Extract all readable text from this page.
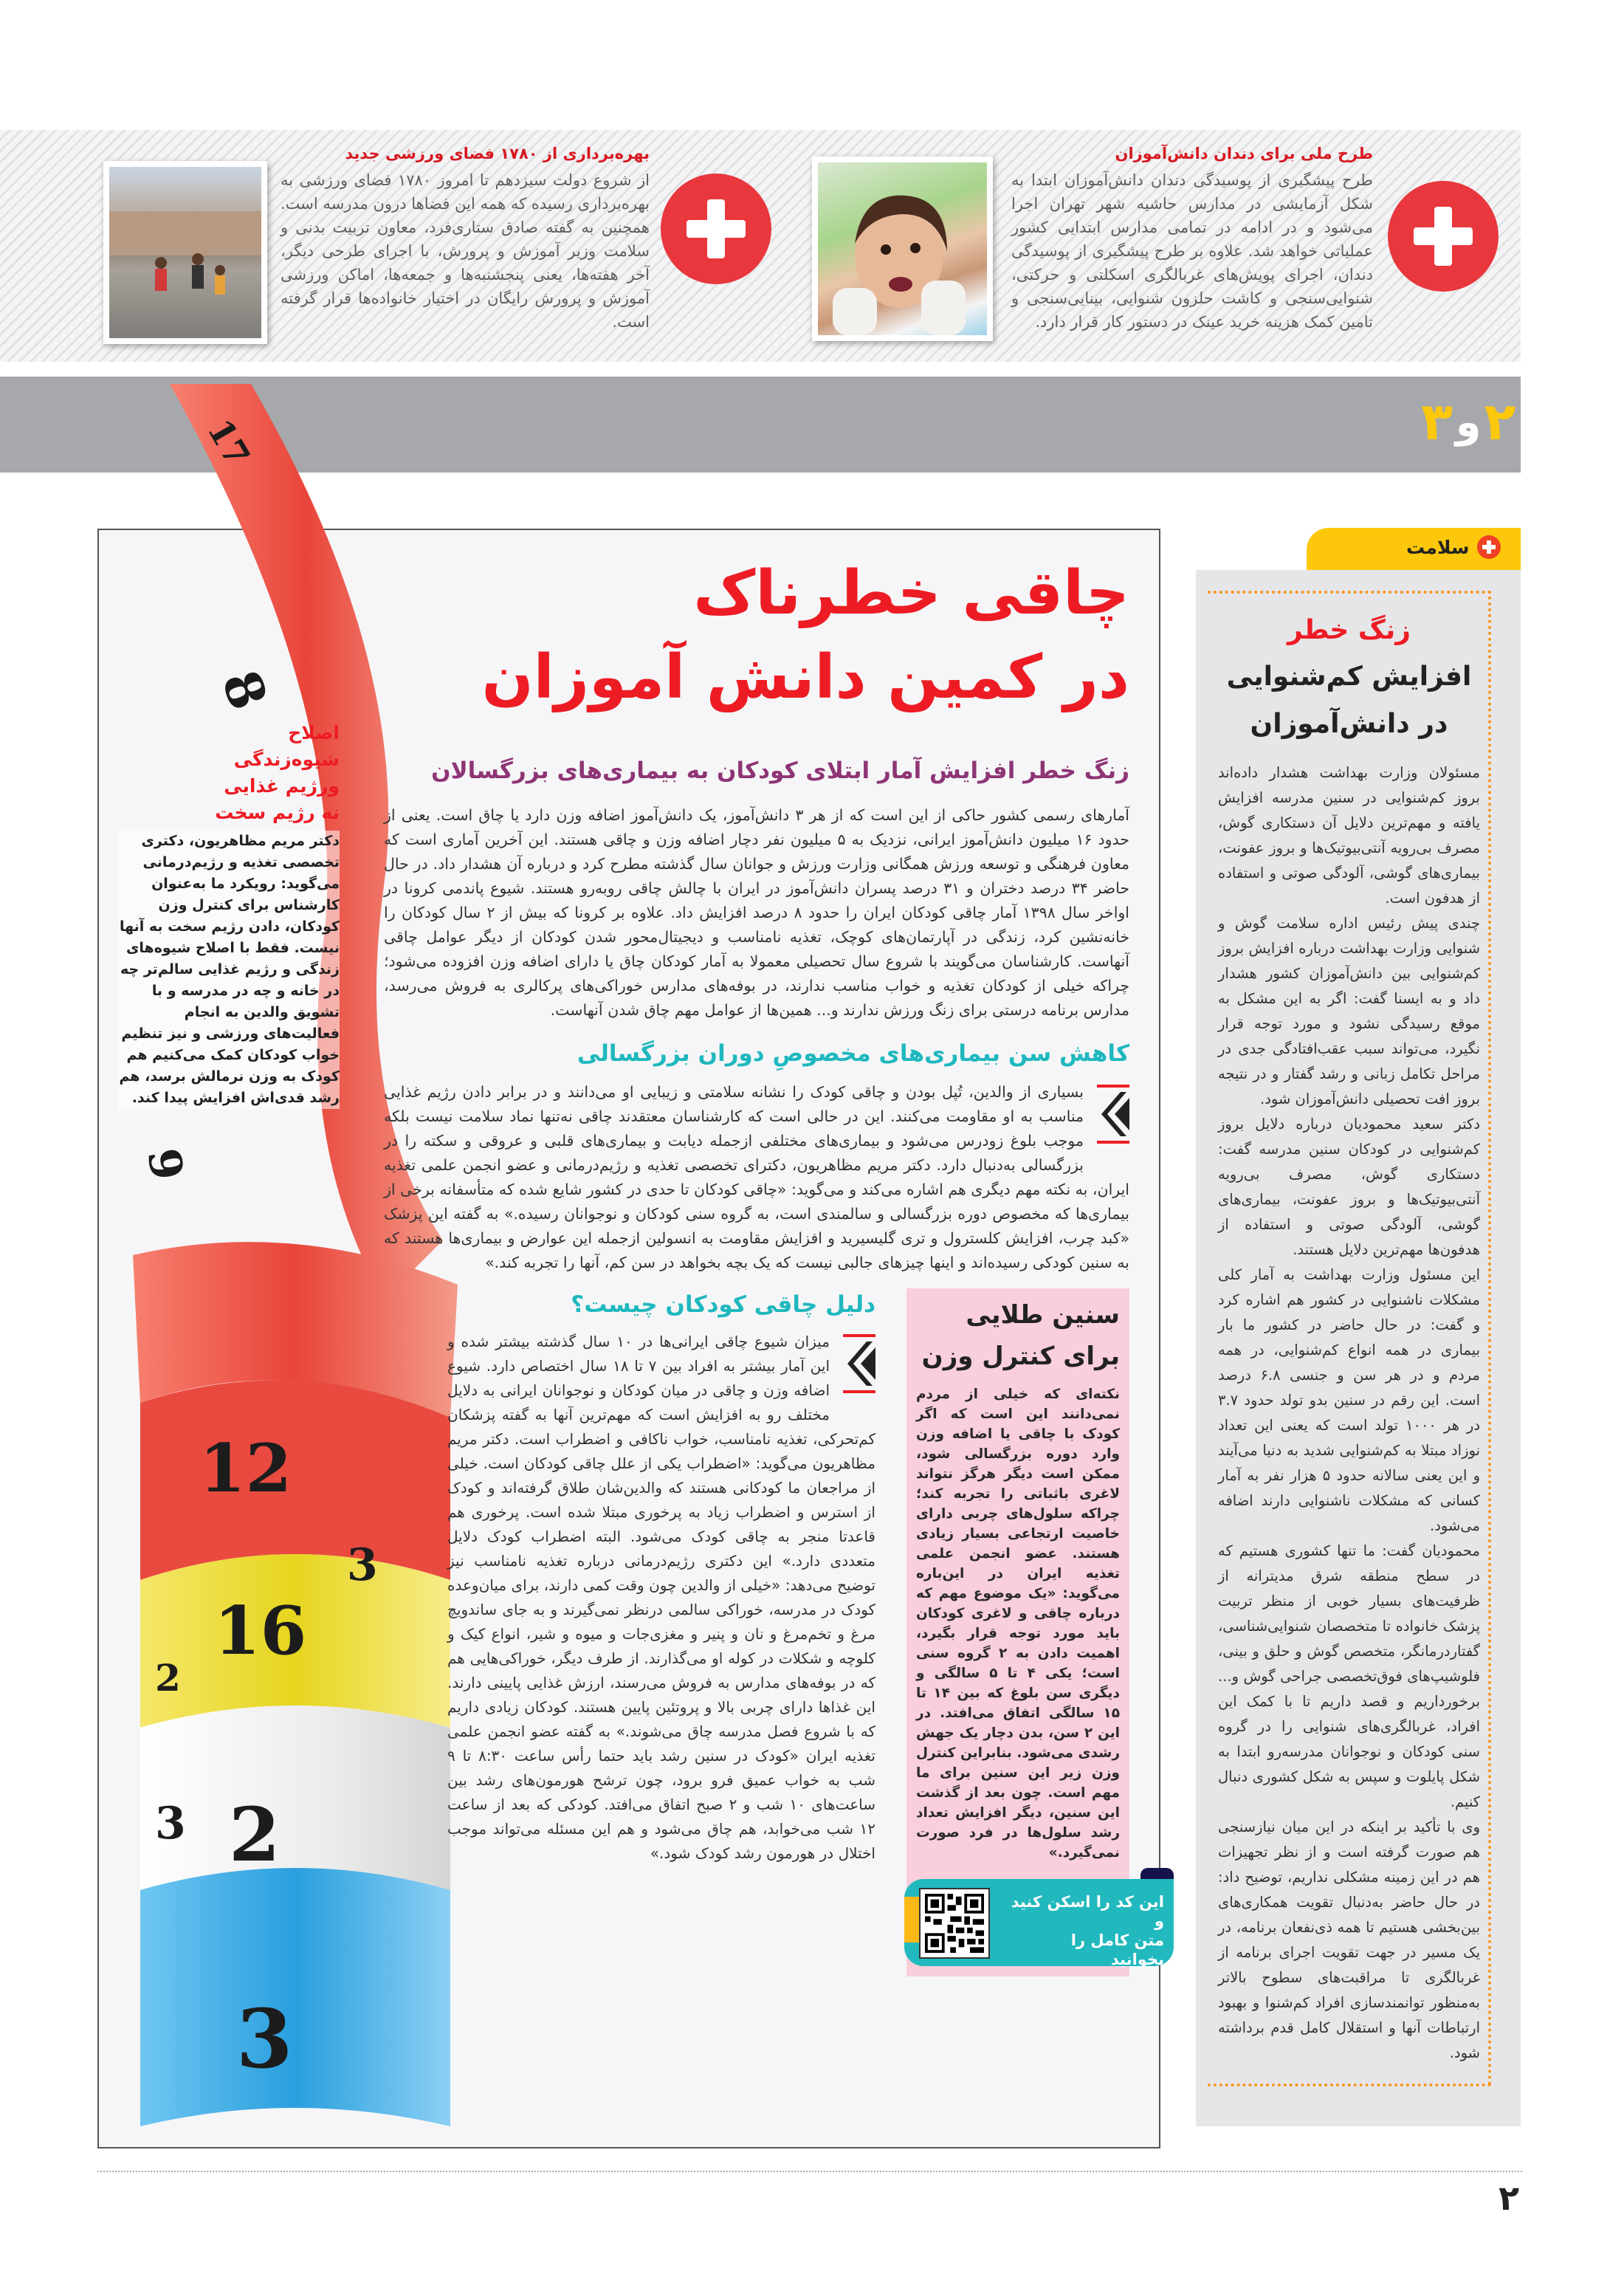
طرح ملی برای دندان دانش‌آموزان
طرح پیشگیری از پوسیدگی دندان دانش‌آموزان ابتدا به شکل آزمایشی در مدارس حاشیه شهر تهران اجرا می‌شود و در ادامه در تمامی مدارس ابتدایی کشور عملیاتی خواهد شد. علاوه بر طرح پیشگیری از پوسیدگی دندان، اجرای پویش‌های غربالگری اسکلتی و حرکتی، شنوایی‌سنجی و کاشت حلزون شنوایی، بینایی‌سنجی و تامین کمک هزینه خرید عینک در دستور کار قرار دارد.
بهره‌برداری از ۱۷۸۰ فضای ورزشی جدید
از شروع دولت سیزدهم تا امروز ۱۷۸۰ فضای ورزشی به بهره‌برداری رسیده که همه این فضاها درون مدرسه است. همچنین به گفته صادق ستاری‌فرد، معاون تربیت بدنی و سلامت وزیر آموزش و پرورش، با اجرای طرحی دیگر، آخر هفته‌ها، یعنی پنجشنبه‌ها و جمعه‌ها، اماکن ورزشی آموزش و پرورش رایگان در اختیار خانواده‌ها قرار گرفته است.
۲
و
۳
17
8
9
12
16
2
3
2
3
3
چاقی خطرناک
در کمین دانش آموزان
اصلاح
شیوه‌زندگی
ورژیم غذایی
نه رژیم سخت
دکتر مریم مظاهریون، دکتری تخصصی تغذیه و رژیم‌درمانی می‌گوید: رویکرد ما به‌عنوان کارشناس برای کنترل وزن کودکان، دادن رژیم سخت به آنها نیست. فقط با اصلاح شیوه‌های زندگی و رژیم غذایی سالم‌تر چه در خانه و چه در مدرسه و با تشویق والدین به انجام فعالیت‌های ورزشی و نیز تنظیم خواب کودکان کمک می‌کنیم هم کودک به وزن نرمالش برسد، هم رشد قدی‌اش افزایش پیدا کند.
زنگ خطر افزایش آمار ابتلای کودکان به بیماری‌های بزرگسالان
آمارهای رسمی کشور حاکی از این است که از هر ۳ دانش‌آموز، یک دانش‌آموز اضافه وزن دارد یا چاق است. یعنی از حدود ۱۶ میلیون دانش‌آموز ایرانی، نزدیک به ۵ میلیون نفر دچار اضافه وزن و چاقی هستند. این آخرین آماری است که معاون فرهنگی و توسعه ورزش همگانی وزارت ورزش و جوانان سال گذشته مطرح کرد و درباره آن هشدار داد. در حال حاضر ۳۴ درصد دختران و ۳۱ درصد پسران دانش‌آموز در ایران با چالش چاقی روبه‌رو هستند. شیوع پاندمی کرونا در اواخر سال ۱۳۹۸ آمار چاقی کودکان ایران را حدود ۸ درصد افزایش داد. علاوه بر کرونا که بیش از ۲ سال کودکان را خانه‌نشین کرد، زندگی در آپارتمان‌های کوچک، تغذیه نامناسب و دیجیتال‌محور شدن کودکان از دیگر عوامل چاقی آنهاست. کارشناسان می‌گویند با شروع سال تحصیلی معمولا به آمار کودکان چاق یا دارای اضافه وزن افزوده می‌شود؛ چراکه خیلی از کودکان تغذیه و خواب مناسب ندارند، در بوفه‌های مدارس خوراکی‌های پرکالری به فروش می‌رسد، مدارس برنامه درستی برای زنگ ورزش ندارند و... همین‌ها از عوامل مهم چاق شدن آنهاست.
کاهش سن بیماری‌های مخصوصِ دوران بزرگسالی
بسیاری از والدین، تُپل بودن و چاقی کودک را نشانه سلامتی و زیبایی او می‌دانند و در برابر دادن رژیم غذایی مناسب به او مقاومت می‌کنند. این در حالی است که کارشناسان معتقدند چاقی نه‌تنها نماد سلامت نیست بلکه موجب بلوغ زودرس می‌شود و بیماری‌های مختلفی ازجمله دیابت و بیماری‌های قلبی و عروقی و سکته را در بزرگسالی به‌دنبال دارد. دکتر مریم مظاهریون، دکترای تخصصی تغذیه و رژیم‌درمانی و عضو انجمن علمی تغذیه ایران، به نکته مهم دیگری هم اشاره می‌کند و می‌گوید: «چاقی کودکان تا حدی در کشور شایع شده که متأسفانه برخی از بیماری‌ها که مخصوص دوره بزرگسالی و سالمندی است، به گروه سنی کودکان و نوجوانان رسیده.» به گفته این پزشک «کبد چرب، افزایش کلسترول و تری گلیسیرید و افزایش مقاومت به انسولین ازجمله این عوارض و بیماری‌ها هستند که به سنین کودکی رسیده‌اند و اینها چیزهای جالبی نیست که یک بچه بخواهد در سن کم، آنها را تجربه کند.»
سنین طلایی
برای کنترل وزن
نکته‌ای که خیلی از مردم نمی‌دانند این است که اگر کودک با چاقی یا اضافه وزن وارد دوره بزرگسالی شود، ممکن است دیگر هرگز نتواند لاغری باثباتی را تجربه کند؛ چراکه سلول‌های چربی دارای خاصیت ارتجاعی بسیار زیادی هستند. عضو انجمن علمی تغذیه ایران در این‌باره می‌گوید: «یک موضوع مهم که درباره چاقی و لاغری کودکان باید مورد توجه قرار بگیرد، اهمیت دادن به ۲ گروه سنی است؛ یکی ۴ تا ۵ سالگی و دیگری سن بلوغ که بین ۱۴ تا ۱۵ سالگی اتفاق می‌افتد. در این ۲ سن، بدن دچار یک جهش رشدی می‌شود. بنابراین کنترل وزن زیر این سنین برای ما مهم است. چون بعد از گذشت این سنین، دیگر افزایش تعداد رشد سلول‌ها در فرد صورت نمی‌گیرد.»
این کد را اسکن کنید و
متن کامل را
بخوانید
دلیل چاقی کودکان چیست؟
میزان شیوع چاقی ایرانی‌ها در ۱۰ سال گذشته بیشتر شده و این آمار بیشتر به افراد بین ۷ تا ۱۸ سال اختصاص دارد. شیوع اضافه وزن و چاقی در میان کودکان و نوجوانان ایرانی به دلایل مختلف رو به افزایش است که مهم‌ترین آنها به گفته پزشکان کم‌تحرکی، تغذیه نامناسب، خواب ناکافی و اضطراب است. دکتر مریم مظاهریون می‌گوید: «اضطراب یکی از علل چاقی کودکان است. خیلی از مراجعان ما کودکانی هستند که والدین‌شان طلاق گرفته‌اند و کودک از استرس و اضطراب زیاد به پرخوری مبتلا شده است. پرخوری هم قاعدتا منجر به چاقی کودک می‌شود. البته اضطراب کودک دلایل متعددی دارد.» این دکتری رژیم‌درمانی درباره تغذیه نامناسب نیز توضیح می‌دهد: «خیلی از والدین چون وقت کمی دارند، برای میان‌وعده کودک در مدرسه، خوراکی سالمی درنظر نمی‌گیرند و به جای ساندویچ مرغ و تخم‌مرغ و نان و پنیر و مغزی‌جات و میوه و شیر، انواع کیک و کلوچه و شکلات در کوله او می‌گذارند. از طرف دیگر، خوراکی‌هایی هم که در بوفه‌های مدارس به فروش می‌رسند، ارزش غذایی پایینی دارند. این غذاها دارای چربی بالا و پروتئین پایین هستند. کودکان زیادی داریم که با شروع فصل مدرسه چاق می‌شوند.» به گفته عضو انجمن علمی تغذیه ایران «کودک در سنین رشد باید حتما رأس ساعت ۸:۳۰ تا ۹ شب به خواب عمیق فرو برود، چون ترشح هورمون‌های رشد بین ساعت‌های ۱۰ شب و ۲ صبح اتفاق می‌افتد. کودکی که بعد از ساعت ۱۲ شب می‌خوابد، هم چاق می‌شود و هم این مسئله می‌تواند موجب اختلال در هورمون رشد کودک شود.»
سلامت
زنگ خطر
افزایش کم‌شنوایی
در دانش‌آموزان

مسئولان وزارت بهداشت هشدار داده‌اند بروز کم‌شنوایی در سنین مدرسه افزایش یافته و مهم‌ترین دلایل آن دستکاری گوش، مصرف بی‌رویه آنتی‌بیوتیک‌ها و بروز عفونت، بیماری‌های گوشی، آلودگی صوتی و استفاده از هدفون است.

چندی پیش رئیس اداره سلامت گوش و شنوایی وزارت بهداشت درباره افزایش بروز کم‌شنوایی بین دانش‌آموزان کشور هشدار داد و به ایسنا گفت: اگر به این مشکل به موقع رسیدگی نشود و مورد توجه قرار نگیرد، می‌تواند سبب عقب‌افتادگی جدی در مراحل تکامل زبانی و رشد گفتار و در نتیجه بروز افت تحصیلی دانش‌آموزان شود.

دکتر سعید محمودیان درباره دلایل بروز کم‌شنوایی در کودکان سنین مدرسه گفت: دستکاری گوش، مصرف بی‌رویه آنتی‌بیوتیک‌ها و بروز عفونت، بیماری‌های گوشی، آلودگی صوتی و استفاده از هدفون‌ها مهم‌ترین دلایل هستند.

این مسئول وزارت بهداشت به آمار کلی مشکلات ناشنوایی در کشور هم اشاره کرد و گفت: در حال حاضر در کشور ما بار بیماری در همه انواع کم‌شنوایی، در همه مردم و در هر سن و جنسی ۶.۸ درصد است. این رقم در سنین بدو تولد حدود ۳.۷ در هر ۱۰۰۰ تولد است که یعنی این تعداد نوزاد مبتلا به کم‌شنوایی شدید به دنیا می‌آیند و این یعنی سالانه حدود ۵ هزار نفر به آمار کسانی که مشکلات ناشنوایی دارند اضافه می‌شود.

محمودیان گفت: ما تنها کشوری هستیم که در سطح منطقه شرق مدیترانه از ظرفیت‌های بسیار خوبی از منظر تربیت پزشک خانواده تا متخصصان شنوایی‌شناسی، گفتاردرمانگر، متخصص گوش و حلق و بینی، فلوشیپ‌های فوق‌تخصصی جراحی گوش و... برخورداریم و قصد داریم تا با کمک این افراد، غربالگری‌های شنوایی را در گروه سنی کودکان و نوجوانان مدرسه‌رو ابتدا به شکل پایلوت و سپس به شکل کشوری دنبال کنیم.

وی با تأکید بر اینکه در این میان نیازسنجی هم صورت گرفته است و از نظر تجهیزات هم در این زمینه مشکلی نداریم، توضیح داد: در حال حاضر به‌دنبال تقویت همکاری‌های بین‌بخشی هستیم تا همه ذی‌نفعان برنامه، در یک مسیر در جهت تقویت اجرای برنامه از غربالگری تا مراقبت‌های سطوح بالاتر به‌منظور توانمندسازی افراد کم‌شنوا و بهبود ارتباطات آنها و استقلال کامل قدم برداشته شود.

۲
